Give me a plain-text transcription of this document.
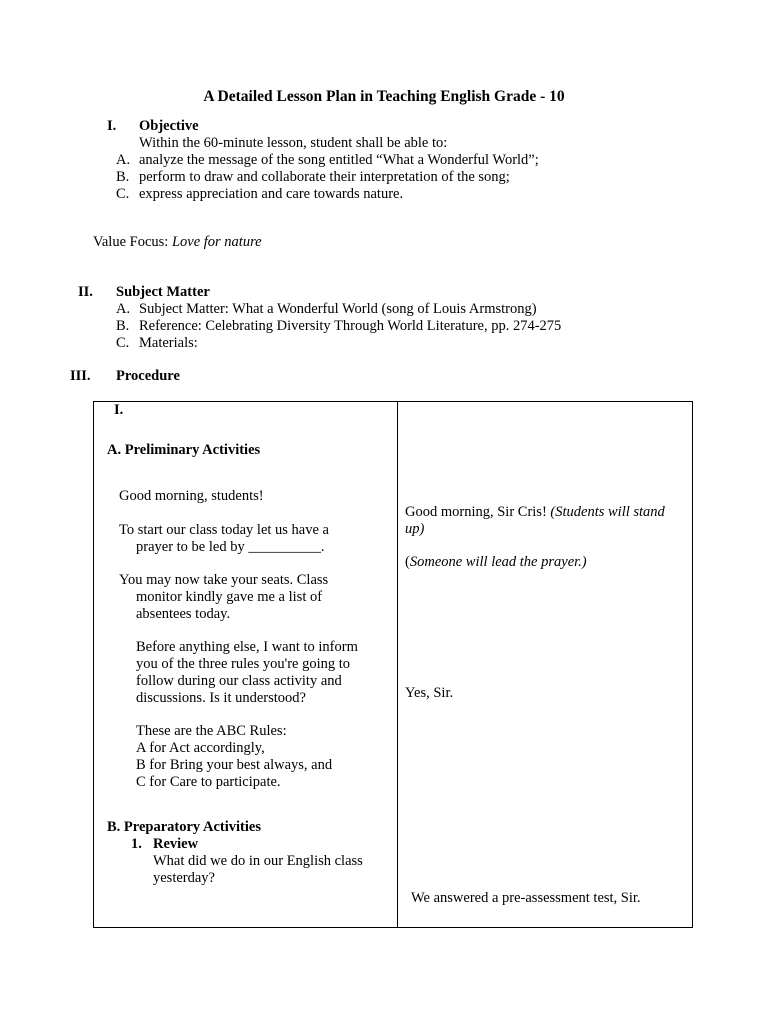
A Detailed Lesson Plan in Teaching English Grade - 10
I. Objective
Within the 60-minute lesson, student shall be able to:
A. analyze the message of the song entitled “What a Wonderful World”;
B. perform to draw and collaborate their interpretation of the song;
C. express appreciation and care towards nature.
Value Focus: Love for nature
II. Subject Matter
A. Subject Matter: What a Wonderful World (song of Louis Armstrong)
B. Reference: Celebrating Diversity Through World Literature, pp. 274-275
C. Materials:
III. Procedure
I.
A. Preliminary Activities
Good morning, students!
To start our class today let us have a
prayer to be led by __________.
You may now take your seats. Class
monitor kindly gave me a list of
absentees today.
Before anything else, I want to inform
you of the three rules you're going to
follow during our class activity and
discussions. Is it understood?
These are the ABC Rules:
A for Act accordingly,
B for Bring your best always, and
C for Care to participate.
B. Preparatory Activities
1. Review
What did we do in our English class
yesterday?
Good morning, Sir Cris! (Students will stand
up)
(Someone will lead the prayer.)
Yes, Sir.
We answered a pre-assessment test, Sir.
